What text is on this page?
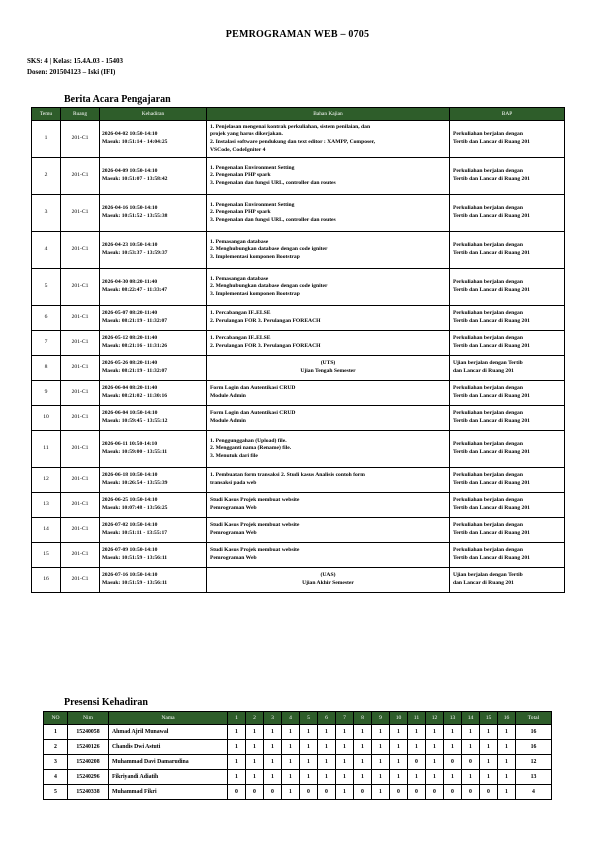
PEMROGRAMAN WEB – 0705
SKS: 4 | Kelas: 15.4A.03 - 15403
Dosen: 201504123 – Iski (IFI)
Berita Acara Pengajaran
Temu	Ruang	Kehadiran	Bahan Kajian	BAP
1	201-C1	2026-04-02 10:50-14:10
Masuk: 10:51:14 - 14:04:25	1. Penjelasan mengenai kontrak perkuliahan, sistem penilaian, dan
projek yang harus dikerjakan.
2. Instalasi software pendukung dan text editor : XAMPP, Composer,
VSCode, CodeIgniter 4	Perkuliahan berjalan dengan
Tertib dan Lancar di Ruang 201

2	201-C1	2026-04-09 10:50-14:10
Masuk: 10:51:07 - 13:58:42	1. Pengenalan Environment Setting
2. Pengenalan PHP spark
3. Pengenalan dan fungsi URL, controller dan routes	Perkuliahan berjalan dengan
Tertib dan Lancar di Ruang 201

3	201-C1	2026-04-16 10:50-14:10
Masuk: 10:51:52 - 13:55:38	1. Pengenalan Environment Setting
2. Pengenalan PHP spark
3. Pengenalan dan fungsi URL, controller dan routes	Perkuliahan berjalan dengan
Tertib dan Lancar di Ruang 201

4	201-C1	2026-04-23 10:50-14:10
Masuk: 10:53:37 - 13:59:37	1. Pemasangan database
2. Menghubungkan database dengan code igniter
3. Implementasi komponen Bootstrap	Perkuliahan berjalan dengan
Tertib dan Lancar di Ruang 201

5	201-C1	2026-04-30 08:20-11:40
Masuk: 08:22:47 - 11:33:47	1. Pemasangan database
2. Menghubungkan database dengan code igniter
3. Implementasi komponen Bootstrap	Perkuliahan berjalan dengan
Tertib dan Lancar di Ruang 201

6	201-C1	2026-05-07 08:20-11:40
Masuk: 08:21:19 - 11:32:07	1. Percabangan IF..ELSE
2. Perulangan FOR 3. Perulangan FOREACH	Perkuliahan berjalan dengan
Tertib dan Lancar di Ruang 201

7	201-C1	2026-05-12 08:20-11:40
Masuk: 08:21:16 - 11:31:26	1. Percabangan IF..ELSE
2. Perulangan FOR 3. Perulangan FOREACH	Perkuliahan berjalan dengan
Tertib dan Lancar di Ruang 201

8	201-C1	2026-05-26 08:20-11:40
Masuk: 08:21:19 - 11:32:07	(UTS)
Ujian Tengah Semester	Ujian berjalan dengan Tertib
dan Lancar di Ruang 201

9	201-C1	2026-06-04 08:20-11:40
Masuk: 08:21:02 - 11:30:16	Form Login dan Autentikasi CRUD
Module Admin	Perkuliahan berjalan dengan
Tertib dan Lancar di Ruang 201

10	201-C1	2026-06-04 10:50-14:10
Masuk: 10:59:45 - 13:55:12	Form Login dan Autentikasi CRUD
Module Admin	Perkuliahan berjalan dengan
Tertib dan Lancar di Ruang 201

11	201-C1	2026-06-11 10:50-14:10
Masuk: 10:59:00 - 13:55:11	1. Penggunggahan (Upload) file.
2. Mengganti nama (Rename) file.
3. Menutuk dari file	Perkuliahan berjalan dengan
Tertib dan Lancar di Ruang 201

12	201-C1	2026-06-18 10:50-14:10
Masuk: 10:26:54 - 13:55:39	1. Pembuatan form transaksi 2. Studi kasus Analisis contoh form
transaksi pada web	Perkuliahan berjalan dengan
Tertib dan Lancar di Ruang 201

13	201-C1	2026-06-25 10:50-14:10
Masuk: 10:07:48 - 13:56:25	Studi Kasus Projek membuat website
Pemrograman Web	Perkuliahan berjalan dengan
Tertib dan Lancar di Ruang 201

14	201-C1	2026-07-02 10:50-14:10
Masuk: 10:51:11 - 13:55:17	Studi Kasus Projek membuat website
Pemrograman Web	Perkuliahan berjalan dengan
Tertib dan Lancar di Ruang 201

15	201-C1	2026-07-09 10:50-14:10
Masuk: 10:51:59 - 13:56:11	Studi Kasus Projek membuat website
Pemrograman Web	Perkuliahan berjalan dengan
Tertib dan Lancar di Ruang 201

16	201-C1	2026-07-16 10:50-14:10
Masuk: 10:51:59 - 13:56:11	(UAS)
Ujian Akhir Semester	Ujian berjalan dengan Tertib
dan Lancar di Ruang 201
Presensi Kehadiran
NO	Nim	Nama	1	2	3	4	5	6	7	8	9	10	11	12	13	14	15	16	Total
1	15240058	Ahmad Ajril Munawal	1	1	1	1	1	1	1	1	1	1	1	1	1	1	1	1	16
2	15240126	Chandis Dwi Astuti	1	1	1	1	1	1	1	1	1	1	1	1	1	1	1	1	16
3	15240208	Muhammad Davi Damarudina	1	1	1	1	1	1	1	1	1	1	0	1	0	0	1	1	12
4	15240296	Fikriyandi Adiatih	1	1	1	1	1	1	1	1	1	1	1	1	1	1	1	1	13
5	15240338	Muhammad Fikri	0	0	0	1	0	0	1	0	1	0	0	0	0	0	0	1	4
